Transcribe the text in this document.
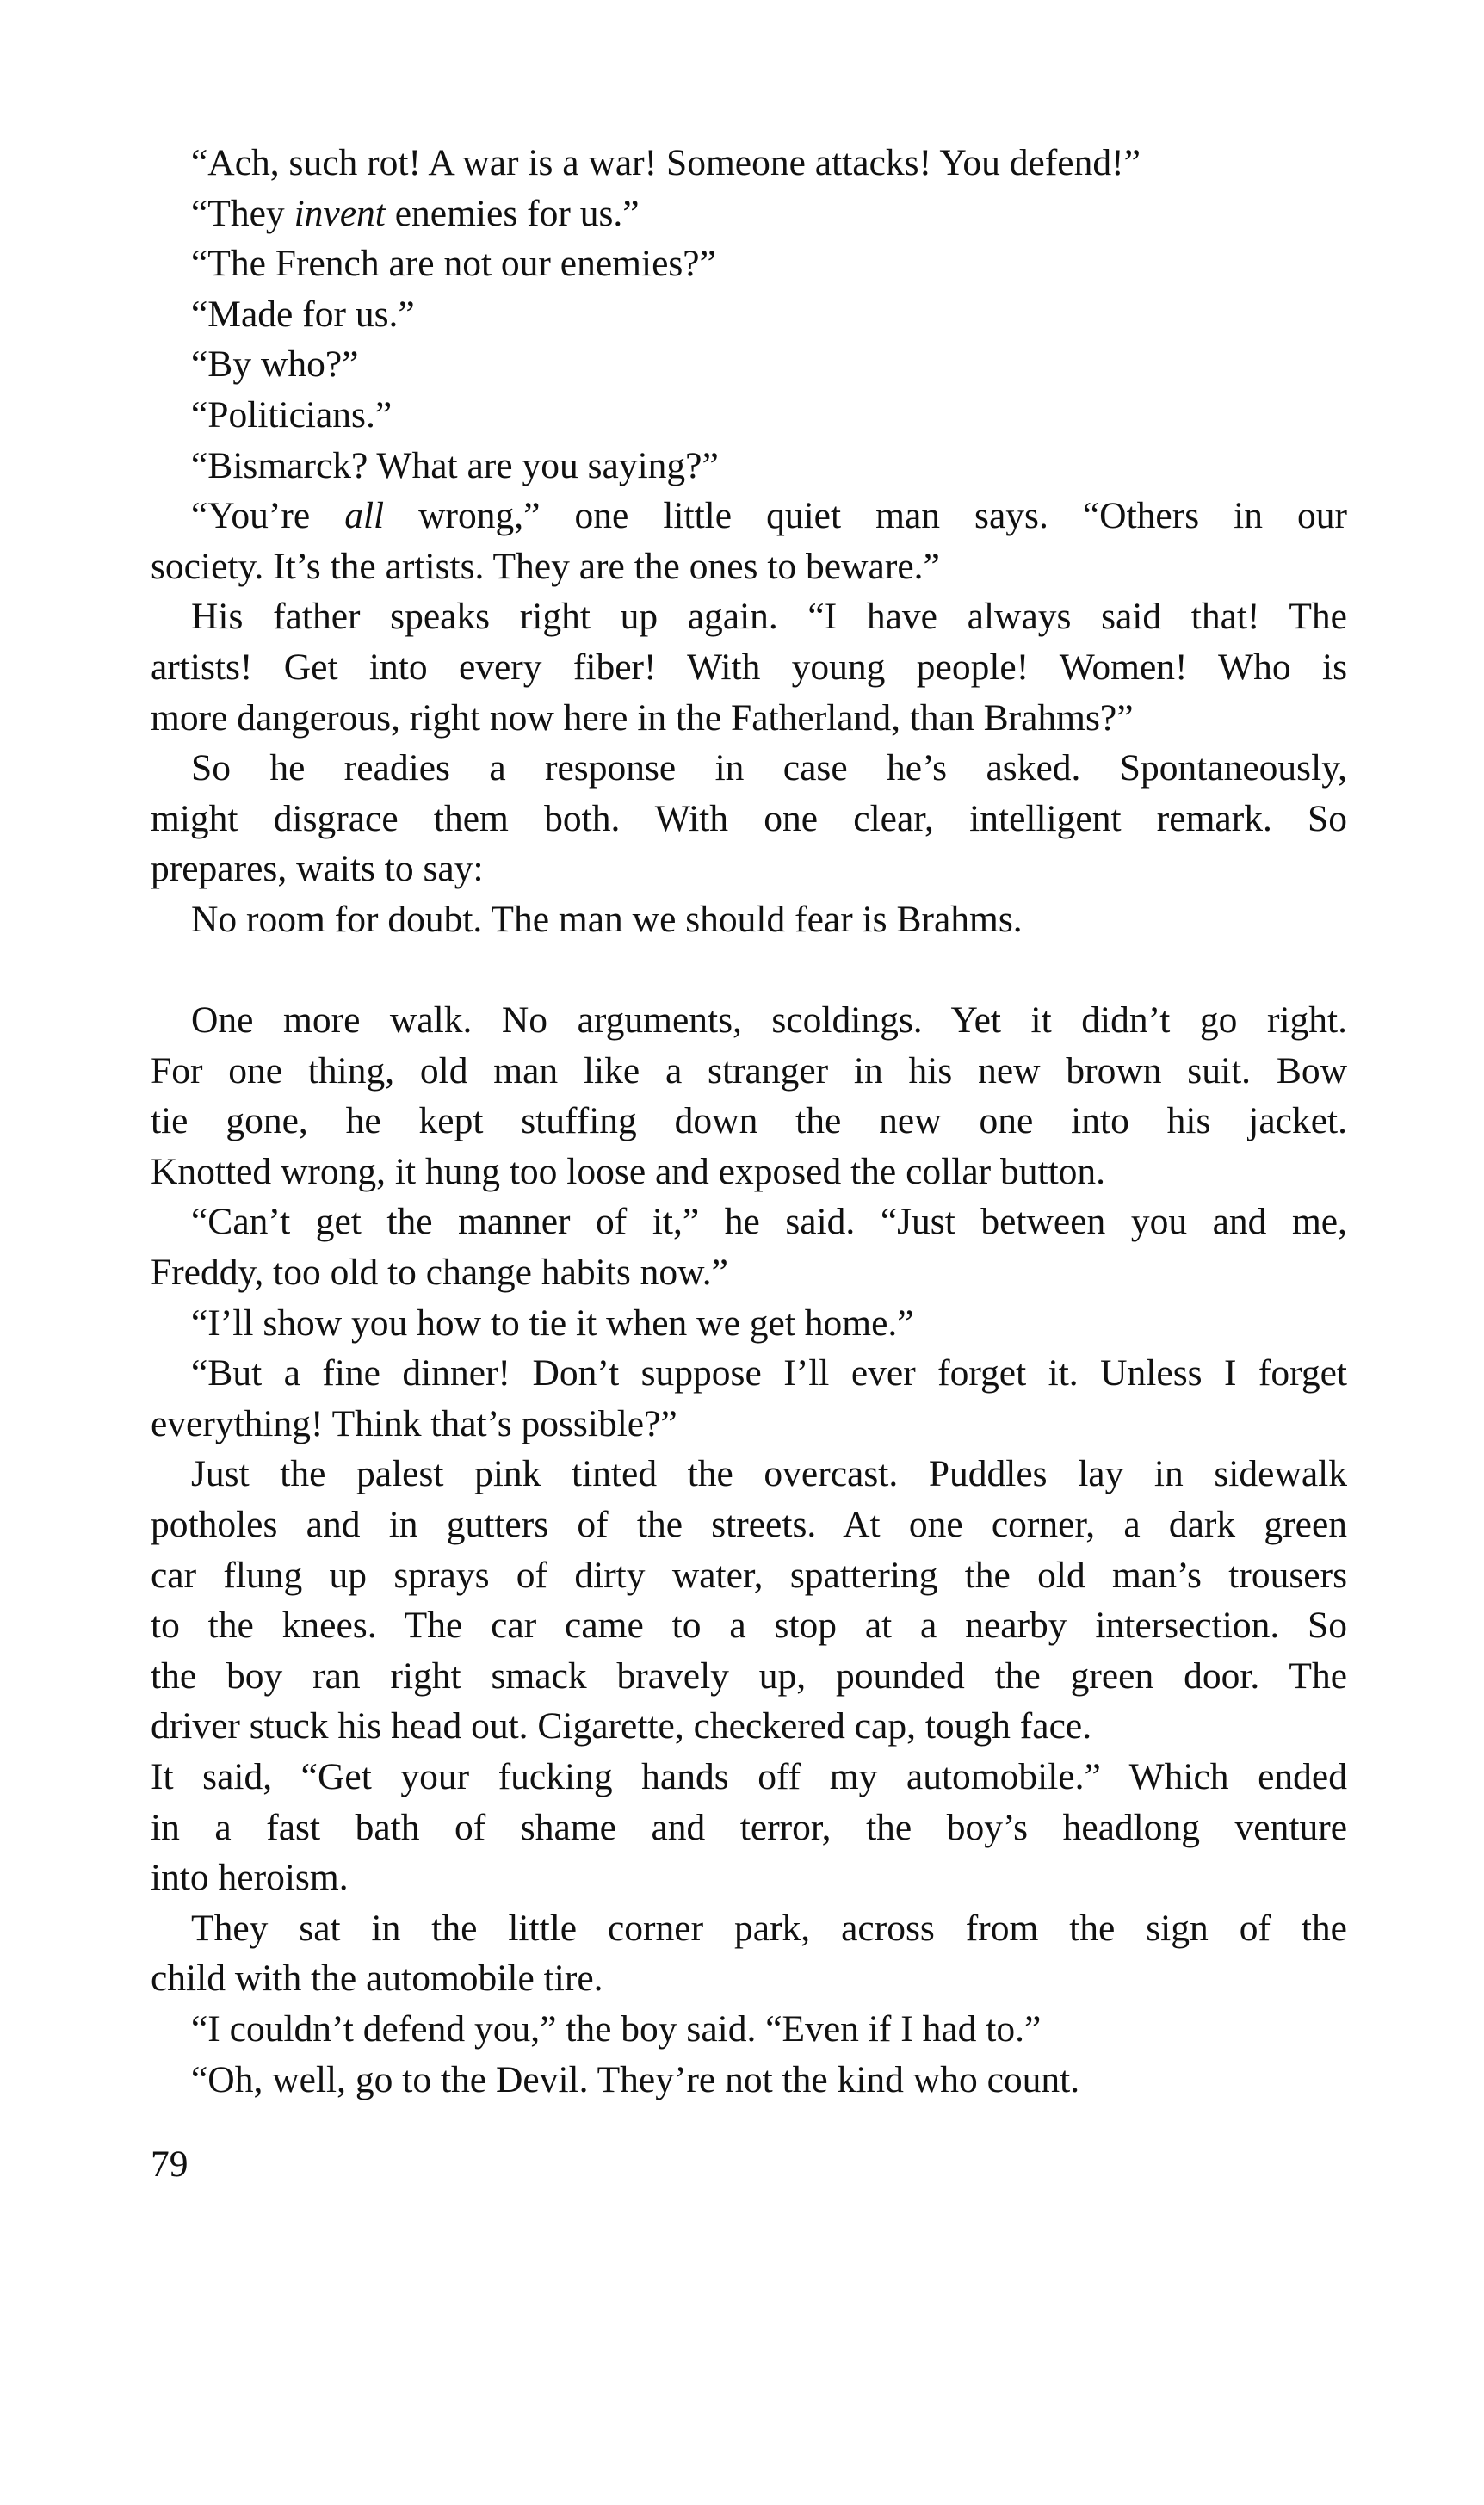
“Ach, such rot! A war is a war! Someone attacks! You defend!”
“They invent enemies for us.”
“The French are not our enemies?”
“Made for us.”
“By who?”
“Politicians.”
“Bismarck? What are you saying?”
“You’re all wrong,” one little quiet man says. “Others in our
society. It’s the artists. They are the ones to beware.”
His father speaks right up again. “I have always said that! The
artists! Get into every fiber! With young people! Women! Who is
more dangerous, right now here in the Fatherland, than Brahms?”
So he readies a response in case he’s asked. Spontaneously,
might disgrace them both. With one clear, intelligent remark. So
prepares, waits to say:
No room for doubt. The man we should fear is Brahms.
One more walk. No arguments, scoldings. Yet it didn’t go right.
For one thing, old man like a stranger in his new brown suit. Bow
tie gone, he kept stuffing down the new one into his jacket.
Knotted wrong, it hung too loose and exposed the collar button.
“Can’t get the manner of it,” he said. “Just between you and me,
Freddy, too old to change habits now.”
“I’ll show you how to tie it when we get home.”
“But a fine dinner! Don’t suppose I’ll ever forget it. Unless I forget
everything! Think that’s possible?”
Just the palest pink tinted the overcast. Puddles lay in sidewalk
potholes and in gutters of the streets. At one corner, a dark green
car flung up sprays of dirty water, spattering the old man’s trousers
to the knees. The car came to a stop at a nearby intersection. So
the boy ran right smack bravely up, pounded the green door. The
driver stuck his head out. Cigarette, checkered cap, tough face.
It said, “Get your fucking hands off my automobile.” Which ended
in a fast bath of shame and terror, the boy’s headlong venture
into heroism.
They sat in the little corner park, across from the sign of the
child with the automobile tire.
“I couldn’t defend you,” the boy said. “Even if I had to.”
“Oh, well, go to the Devil. They’re not the kind who count.
79
